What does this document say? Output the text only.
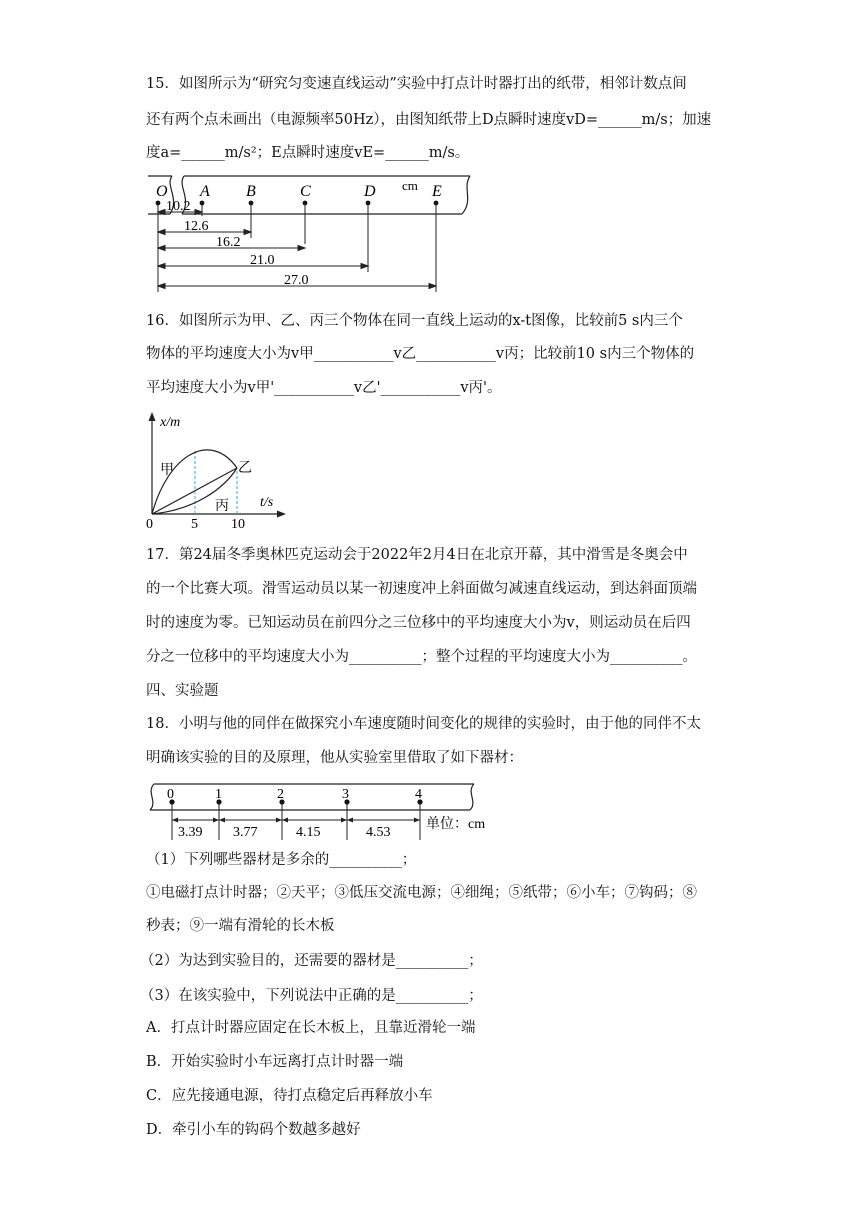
15．如图所示为“研究匀变速直线运动”实验中打点计时器打出的纸带，相邻计数点间
还有两个点未画出（电源频率50Hz），由图知纸带上D点瞬时速度vD=______m/s；加速
度a=______m/s²；E点瞬时速度vE=______m/s。
O A B	C	D	E
cm
10.2
12.6
16.2
21.0
27.0
16．如图所示为甲、乙、丙三个物体在同一直线上运动的x-t图像，比较前5 s内三个
物体的平均速度大小为v甲___________v乙___________v丙；比较前10 s内三个物体的
平均速度大小为v甲'___________v乙'___________v丙'。
x/m
t/s
0	5 10
甲	乙
丙
17．第24届冬季奥林匹克运动会于2022年2月4日在北京开幕，其中滑雪是冬奥会中
的一个比赛大项。滑雪运动员以某一初速度冲上斜面做匀减速直线运动，到达斜面顶端
时的速度为零。已知运动员在前四分之三位移中的平均速度大小为v，则运动员在后四
分之一位移中的平均速度大小为__________；整个过程的平均速度大小为__________。
四、实验题
18．小明与他的同伴在做探究小车速度随时间变化的规律的实验时，由于他的同伴不太
明确该实验的目的及原理，他从实验室里借取了如下器材：
0	1	2	3	4
3.39 3.77	4.15	4.53
单位：cm
（1）下列哪些器材是多余的__________；
①电磁打点计时器；②天平；③低压交流电源；④细绳；⑤纸带；⑥小车；⑦钩码；⑧
秒表；⑨一端有滑轮的长木板
（2）为达到实验目的，还需要的器材是__________；
（3）在该实验中，下列说法中正确的是__________；
A．打点计时器应固定在长木板上，且靠近滑轮一端
B．开始实验时小车远离打点计时器一端
C．应先接通电源，待打点稳定后再释放小车
D．牵引小车的钩码个数越多越好
